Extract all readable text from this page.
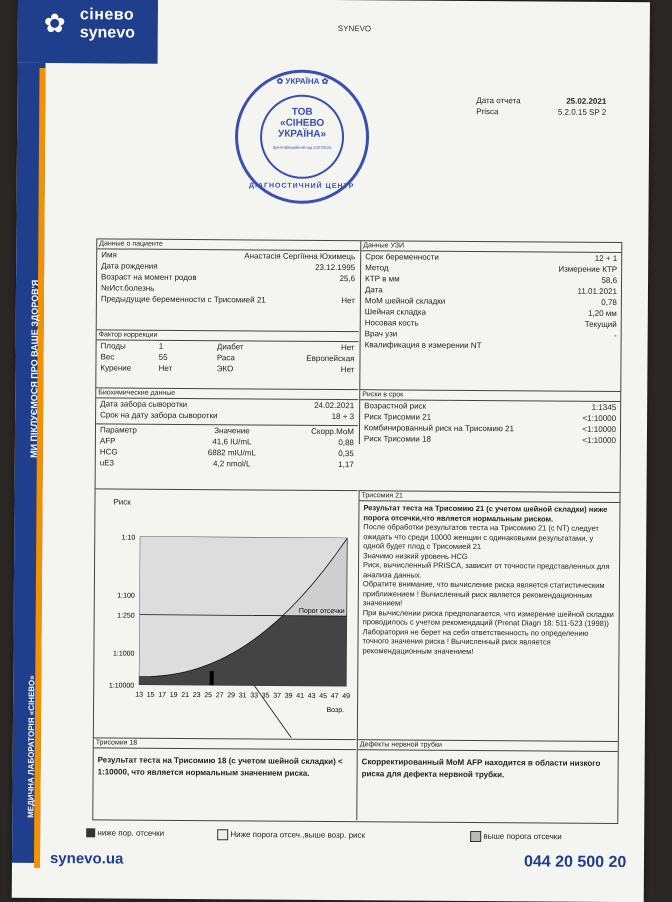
✿ сінево
synevo
МИ ПІКЛУЄМОСЯ ПРО ВАШЕ ЗДОРОВ'Я
МЕДИЧНА ЛАБОРАТОРІЯ «СІНЕВО»
SYNEVO
Дата отчета	25.02.2021
Prisca	5.2.0.15 SP 2
✿ УКРАЇНА ✿
ТОВ
«СІНЕВО
УКРАЇНА»
Ідентифікаційний код 34278124
ДІАГНОСТИЧНИЙ ЦЕНТР
Данные о пациенте
Имя	Анастасія Сергіїнна Юхимець
Дата рождения	23.12.1995
Возраст на момент родов	25,6
№Ист.болезнь
Предыдущие беременности с Трисомией 21	Нет
Данные УЗИ
Срок беременности	12 + 1
Метод	Измерение КТР
КТР в мм	58,6
Дата	11.01.2021
МоМ шейной складки	0,78
Шейная складка	1,20 мм
Носовая кость	Текущий
Врач узи	-
Квалификация в измерении NT
Фактор коррекции
Плоды	1	Диабет	Нет
Вес	55	Раса	Европейская
Курение	Нет	ЭКО	Нет
Биохимические данные
Дата забора сыворотки	24.02.2021
Срок на дату забора сыворотки	18 + 3
Параметр	Значение	Скорр.МоМ
AFP	41,6 IU/mL	0,88
HCG	6882 mIU/mL	0,35
uE3	4,2 nmol/L	1,17
Риски в срок
Возрастной риск	1:1345
Риск Трисомии 21	<1:10000
Комбинированный риск на Трисомию 21	<1:10000
Риск Трисомии 18	<1:10000
Риск
1:10
1:100
1:250
1:1000
1:10000
13 15 17 19 21 23 25 27 29 31 33 35 37 39 41 43 45 47 49
Порог отсечки
Возр.
Трисомия 21
Результат теста на Трисомию 21 (с учетом шейной складки) ниже порога отсечки,что является нормальным риском.
После обработки результатов теста на Трисомию 21 (с NT) следует ожидать что среди 10000 женщин с одинаковыми результатами, у одной будет плод с Трисомией 21
Значимо низкий уровень HCG
Риск, вычисленный PRISCA, зависит от точности представленных для анализа данных.
Обратите внимание, что вычисление риска является статистическим приближением ! Вычисленный риск является рекомендационным значением!
При вычислении риска предполагается, что измерение шейной складки проводилось с учетом рекомендаций (Prenat Diagn 18: 511-523 (1998))
Лаборатория не берет на себя ответственность по определению точного значения риска ! Вычисленный риск является рекомендационным значением!
Трисомия 18
Результат теста на Трисомию 18 (с учетом шейной складки) < 1:10000, что является нормальным значением риска.
Дефекты нервной трубки
Скорректированный МоМ AFP находится в области низкого риска для дефекта нервной трубки.
ниже пор. отсечки	Ниже порога отсеч.,выше возр. риск	выше порога отсечки
synevo.ua	044 20 500 20
